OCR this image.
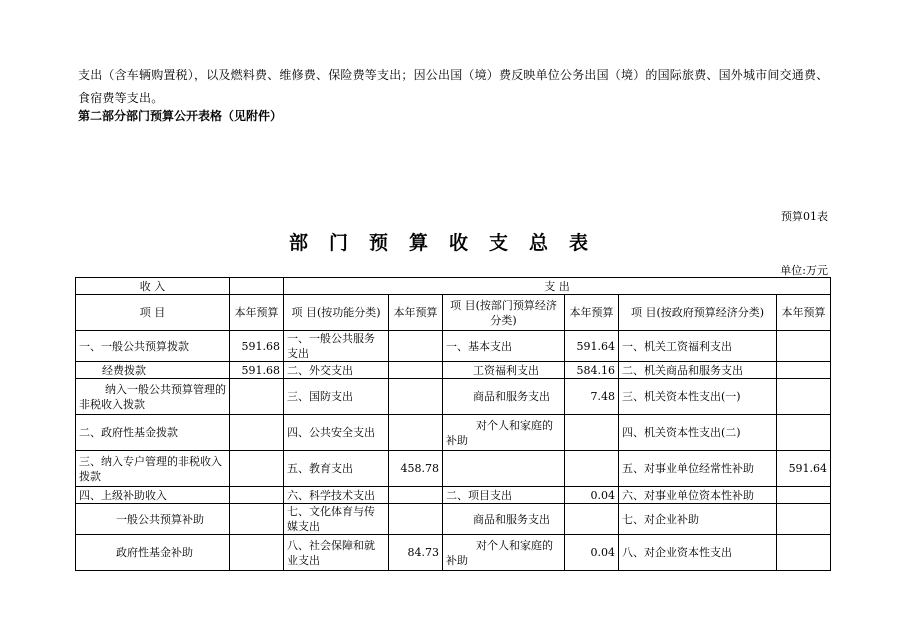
支出（含车辆购置税），以及燃料费、维修费、保险费等支出；因公出国（境）费反映单位公务出国（境）的国际旅费、国外城市间交通费、食宿费等支出。
第二部分部门预算公开表格（见附件）
预算01表
部门预算收支总表
单位:万元
收 入		支 出					
项 目	本年预算	项 目(按功能分类)	本年预算	项 目(按部门预算经济分类)	本年预算	项 目(按政府预算经济分类)	本年预算
一、一般公共预算拨款	591.68	一、一般公共服务支出		一、基本支出	591.64	一、机关工资福利支出	
经费拨款	591.68	二、外交支出		工资福利支出	584.16	二、机关商品和服务支出	
纳入一般公共预算管理的非税收入拨款		三、国防支出		商品和服务支出	7.48	三、机关资本性支出(一)	
二、政府性基金拨款		四、公共安全支出		对个人和家庭的补助		四、机关资本性支出(二)	
三、纳入专户管理的非税收入拨款		五、教育支出	458.78			五、对事业单位经常性补助	591.64
四、上级补助收入		六、科学技术支出		二、项目支出	0.04	六、对事业单位资本性补助	
一般公共预算补助		七、文化体育与传媒支出		商品和服务支出		七、对企业补助	
政府性基金补助		八、社会保障和就业支出	84.73	对个人和家庭的补助	0.04	八、对企业资本性支出	
